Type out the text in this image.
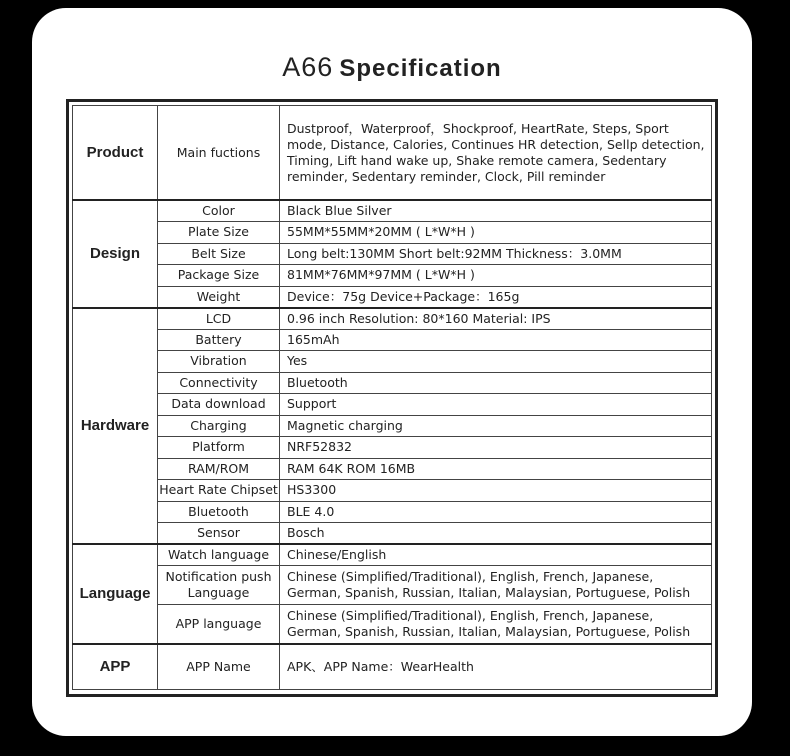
A66 Specification
Product	Main fuctions	Dustproof，Waterproof，Shockproof, HeartRate, Steps, Sport mode, Distance, Calories, Continues HR detection, Sellp detection, Timing, Lift hand wake up, Shake remote camera, Sedentary reminder, Sedentary reminder, Clock, Pill reminder
Design	Color	Black Blue Silver
	Plate Size	55MM*55MM*20MM ( L*W*H )
	Belt Size	Long belt:130MM Short belt:92MM Thickness：3.0MM
	Package Size	81MM*76MM*97MM ( L*W*H )
	Weight	Device：75g Device+Package：165g
Hardware	LCD	0.96 inch Resolution: 80*160 Material: IPS
	Battery	165mAh
	Vibration	Yes
	Connectivity	Bluetooth
	Data download	Support
	Charging	Magnetic charging
	Platform	NRF52832
	RAM/ROM	RAM 64K ROM 16MB
	Heart Rate Chipset	HS3300
	Bluetooth	BLE 4.0
	Sensor	Bosch
Language	Watch language	Chinese/English
	Notification push Language	Chinese (Simplified/Traditional), English, French, Japanese, German, Spanish, Russian, Italian, Malaysian, Portuguese, Polish
	APP language	Chinese (Simplified/Traditional), English, French, Japanese, German, Spanish, Russian, Italian, Malaysian, Portuguese, Polish
APP	APP Name	APK、APP Name：WearHealth
